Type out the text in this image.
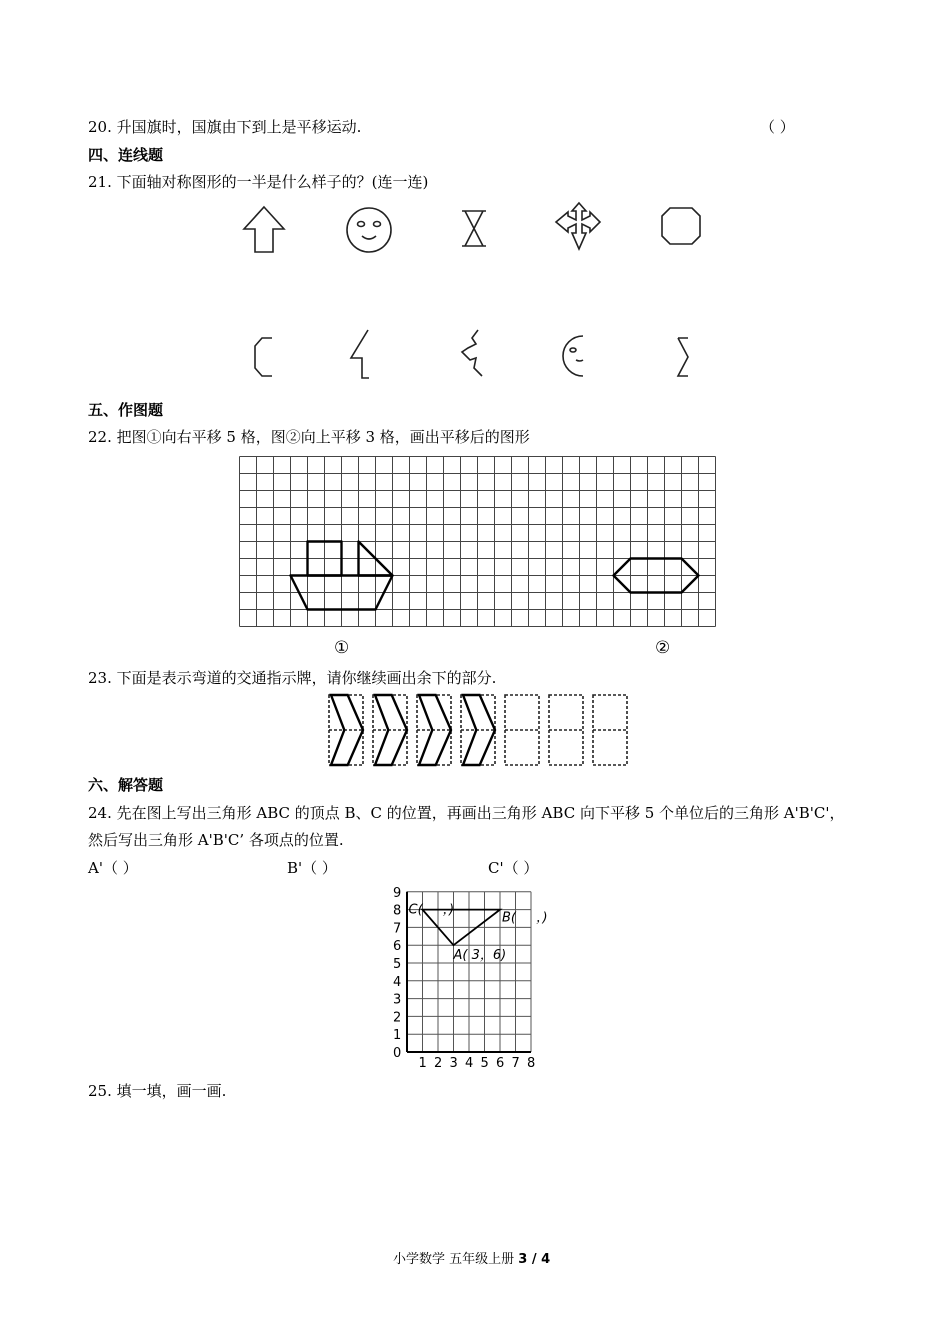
20. 升国旗时，国旗由下到上是平移运动.	（ ）
四、连线题
21. 下面轴对称图形的一半是什么样子的？(连一连)
五、作图题
22. 把图①向右平移 5 格，图②向上平移 3 格，画出平移后的图形
①	②
23. 下面是表示弯道的交通指示牌，请你继续画出余下的部分.
六、解答题
24. 先在图上写出三角形 ABC 的顶点 B、C 的位置，再画出三角形 ABC 向下平移 5 个单位后的三角形 A'B'C'，
然后写出三角形 A'B'C’ 各项点的位置.
A'（ ）	B'（ ）	C'（ ）
0
1
2
3
4
5
6
7
8
9
1 2 3 4 5 6 7 8
C( ，)
B( ，)
A( 3，6)
25. 填一填，画一画.
小学数学 五年级上册 3 / 4
